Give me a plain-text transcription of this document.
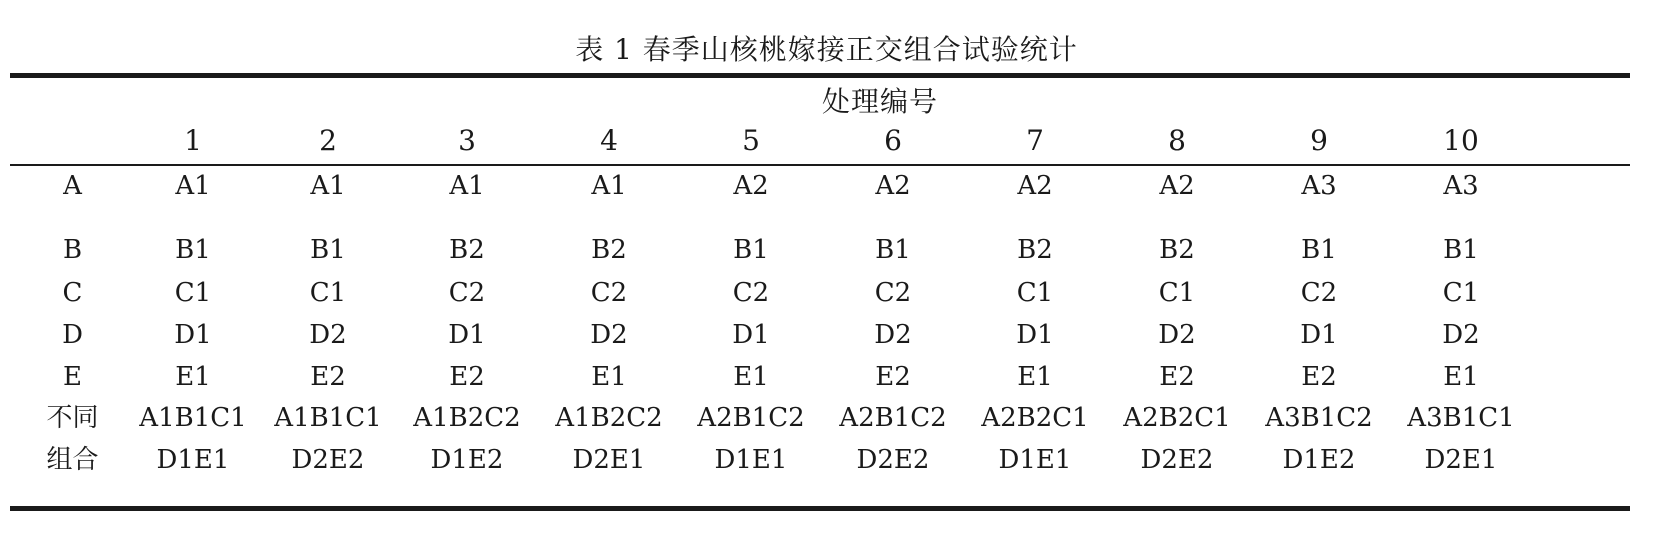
表 1 春季山核桃嫁接正交组合试验统计
处理编号
1	2	3	4	5	6	7	8	9	10
A	A1	A1	A1	A1	A2	A2	A2	A2	A3	A3
B	B1	B1	B2	B2	B1	B1	B2	B2	B1	B1
C	C1	C1	C2	C2	C2	C2	C1	C1	C2	C1
D	D1	D2	D1	D2	D1	D2	D1	D2	D1	D2
E	E1	E2	E2	E1	E1	E2	E1	E2	E2	E1
不同	A1B1C1	A1B1C1	A1B2C2	A1B2C2	A2B1C2	A2B1C2	A2B2C1	A2B2C1	A3B1C2	A3B1C1
组合	D1E1	D2E2	D1E2	D2E1	D1E1	D2E2	D1E1	D2E2	D1E2	D2E1
